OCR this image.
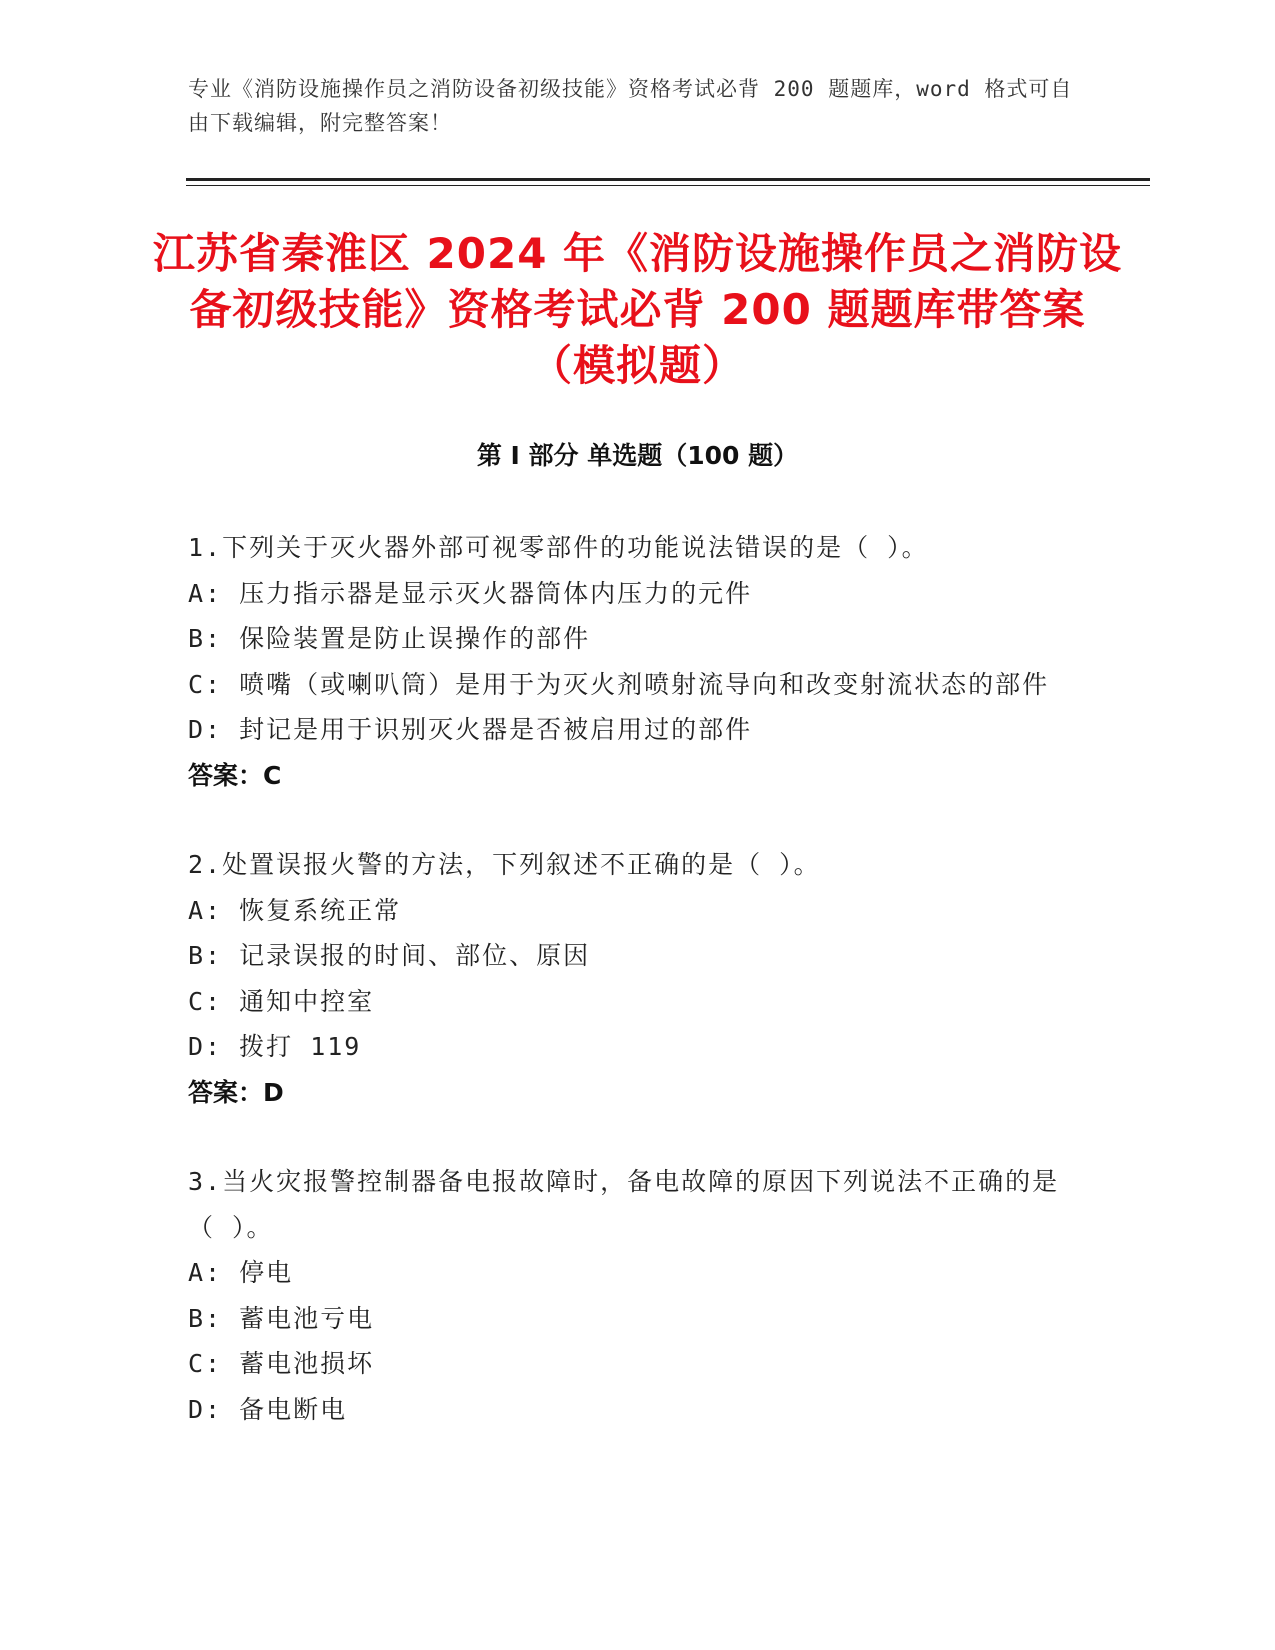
专业《消防设施操作员之消防设备初级技能》资格考试必背 200 题题库，word 格式可自由下载编辑，附完整答案！
江苏省秦淮区 2024 年《消防设施操作员之消防设备初级技能》资格考试必背 200 题题库带答案（模拟题）
第 I 部分 单选题（100 题）
1.下列关于灭火器外部可视零部件的功能说法错误的是（ ）。
A: 压力指示器是显示灭火器筒体内压力的元件
B: 保险装置是防止误操作的部件
C: 喷嘴（或喇叭筒）是用于为灭火剂喷射流导向和改变射流状态的部件
D: 封记是用于识别灭火器是否被启用过的部件
答案：C
2.处置误报火警的方法，下列叙述不正确的是（ ）。
A: 恢复系统正常
B: 记录误报的时间、部位、原因
C: 通知中控室
D: 拨打 119
答案：D
3.当火灾报警控制器备电报故障时，备电故障的原因下列说法不正确的是（ ）。
A: 停电
B: 蓄电池亏电
C: 蓄电池损坏
D: 备电断电
